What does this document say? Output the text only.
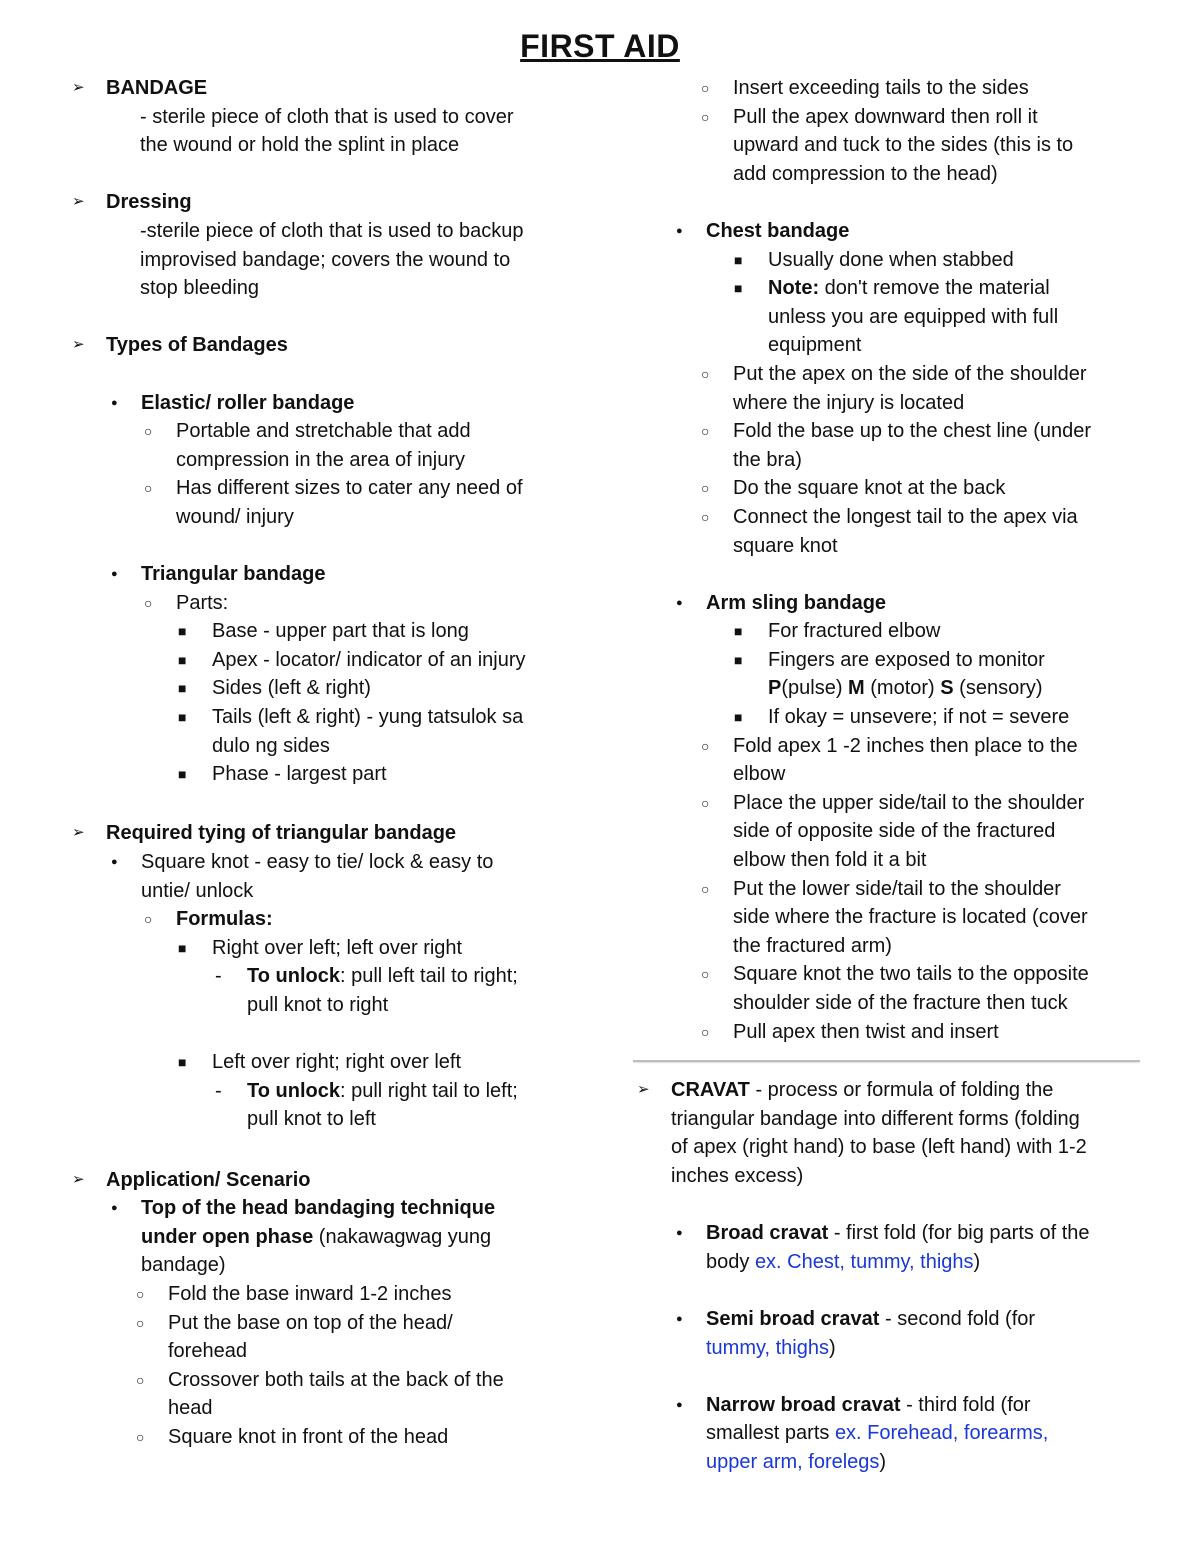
FIRST AID
➢ BANDAGE
- sterile piece of cloth that is used to cover
the wound or hold the splint in place
➢ Dressing
-sterile piece of cloth that is used to backup
improvised bandage; covers the wound to
stop bleeding
➢ Types of Bandages
● Elastic/ roller bandage
○ Portable and stretchable that add
compression in the area of injury
○ Has different sizes to cater any need of
wound/ injury
● Triangular bandage
○ Parts:
■ Base - upper part that is long
■ Apex - locator/ indicator of an injury
■ Sides (left & right)
■ Tails (left & right) - yung tatsulok sa
dulo ng sides
■ Phase - largest part
➢ Required tying of triangular bandage
● Square knot - easy to tie/ lock & easy to
untie/ unlock
○ Formulas:
■ Right over left; left over right
- To unlock: pull left tail to right;
pull knot to right
■ Left over right; right over left
- To unlock: pull right tail to left;
pull knot to left
➢ Application/ Scenario
● Top of the head bandaging technique
under open phase (nakawagwag yung
bandage)
○ Fold the base inward 1-2 inches
○ Put the base on top of the head/
forehead
○ Crossover both tails at the back of the
head
○ Square knot in front of the head
○ Insert exceeding tails to the sides
○ Pull the apex downward then roll it
upward and tuck to the sides (this is to
add compression to the head)
● Chest bandage
■ Usually done when stabbed
■ Note: don't remove the material
unless you are equipped with full
equipment
○ Put the apex on the side of the shoulder
where the injury is located
○ Fold the base up to the chest line (under
the bra)
○ Do the square knot at the back
○ Connect the longest tail to the apex via
square knot
● Arm sling bandage
■ For fractured elbow
■ Fingers are exposed to monitor
P(pulse) M (motor) S (sensory)
■ If okay = unsevere; if not = severe
○ Fold apex 1 -2 inches then place to the
elbow
○ Place the upper side/tail to the shoulder
side of opposite side of the fractured
elbow then fold it a bit
○ Put the lower side/tail to the shoulder
side where the fracture is located (cover
the fractured arm)
○ Square knot the two tails to the opposite
shoulder side of the fracture then tuck
○ Pull apex then twist and insert
➢ CRAVAT - process or formula of folding the
triangular bandage into different forms (folding
of apex (right hand) to base (left hand) with 1-2
inches excess)
● Broad cravat - first fold (for big parts of the
body ex. Chest, tummy, thighs)
● Semi broad cravat - second fold (for
tummy, thighs)
● Narrow broad cravat - third fold (for
smallest parts ex. Forehead, forearms,
upper arm, forelegs)
